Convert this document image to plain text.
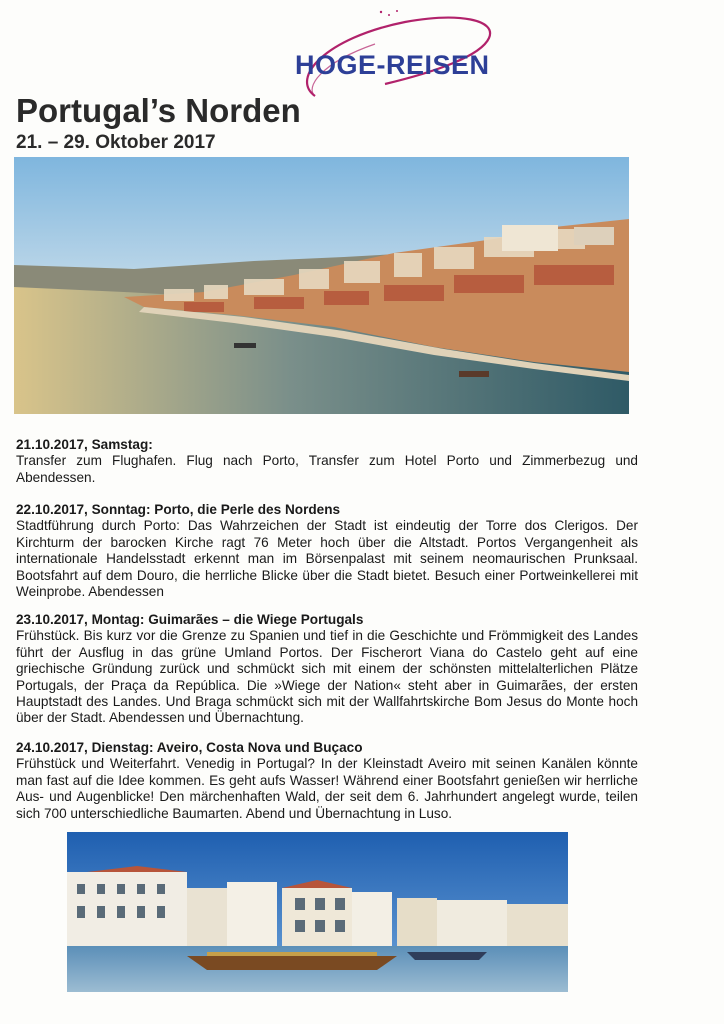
HOGE-REISEN
Portugal’s Norden
21. – 29. Oktober 2017

21.10.2017, Samstag:

Transfer zum Flughafen. Flug nach Porto, Transfer zum Hotel Porto und Zimmerbezug und Abendessen.

22.10.2017, Sonntag: Porto, die Perle des Nordens

Stadtführung durch Porto: Das Wahrzeichen der Stadt ist eindeutig der Torre dos Clerigos. Der Kirchturm der barocken Kirche ragt 76 Meter hoch über die Altstadt. Portos Vergangenheit als internationale Handelsstadt erkennt man im Börsenpalast mit seinem neomaurischen Prunksaal. Bootsfahrt auf dem Douro, die herrliche Blicke über die Stadt bietet. Besuch einer Portweinkellerei mit Weinprobe. Abendessen

23.10.2017, Montag: Guimarães – die Wiege Portugals

Frühstück. Bis kurz vor die Grenze zu Spanien und tief in die Geschichte und Frömmigkeit des Landes führt der Ausflug in das grüne Umland Portos. Der Fischerort Viana do Castelo geht auf eine griechische Gründung zurück und schmückt sich mit einem der schönsten mittelalterlichen Plätze Portugals, der Praça da República. Die »Wiege der Nation« steht aber in Guimarães, der ersten Hauptstadt des Landes. Und Braga schmückt sich mit der Wallfahrtskirche Bom Jesus do Monte hoch über der Stadt. Abendessen und Übernachtung.

24.10.2017, Dienstag: Aveiro, Costa Nova und Buçaco

Frühstück und Weiterfahrt. Venedig in Portugal? In der Kleinstadt Aveiro mit seinen Kanälen könnte man fast auf die Idee kommen. Es geht aufs Wasser! Während einer Bootsfahrt genießen wir herrliche Aus- und Augenblicke! Den märchenhaften Wald, der seit dem 6. Jahrhundert angelegt wurde, teilen sich 700 unterschiedliche Baumarten. Abend und Übernachtung in Luso.
